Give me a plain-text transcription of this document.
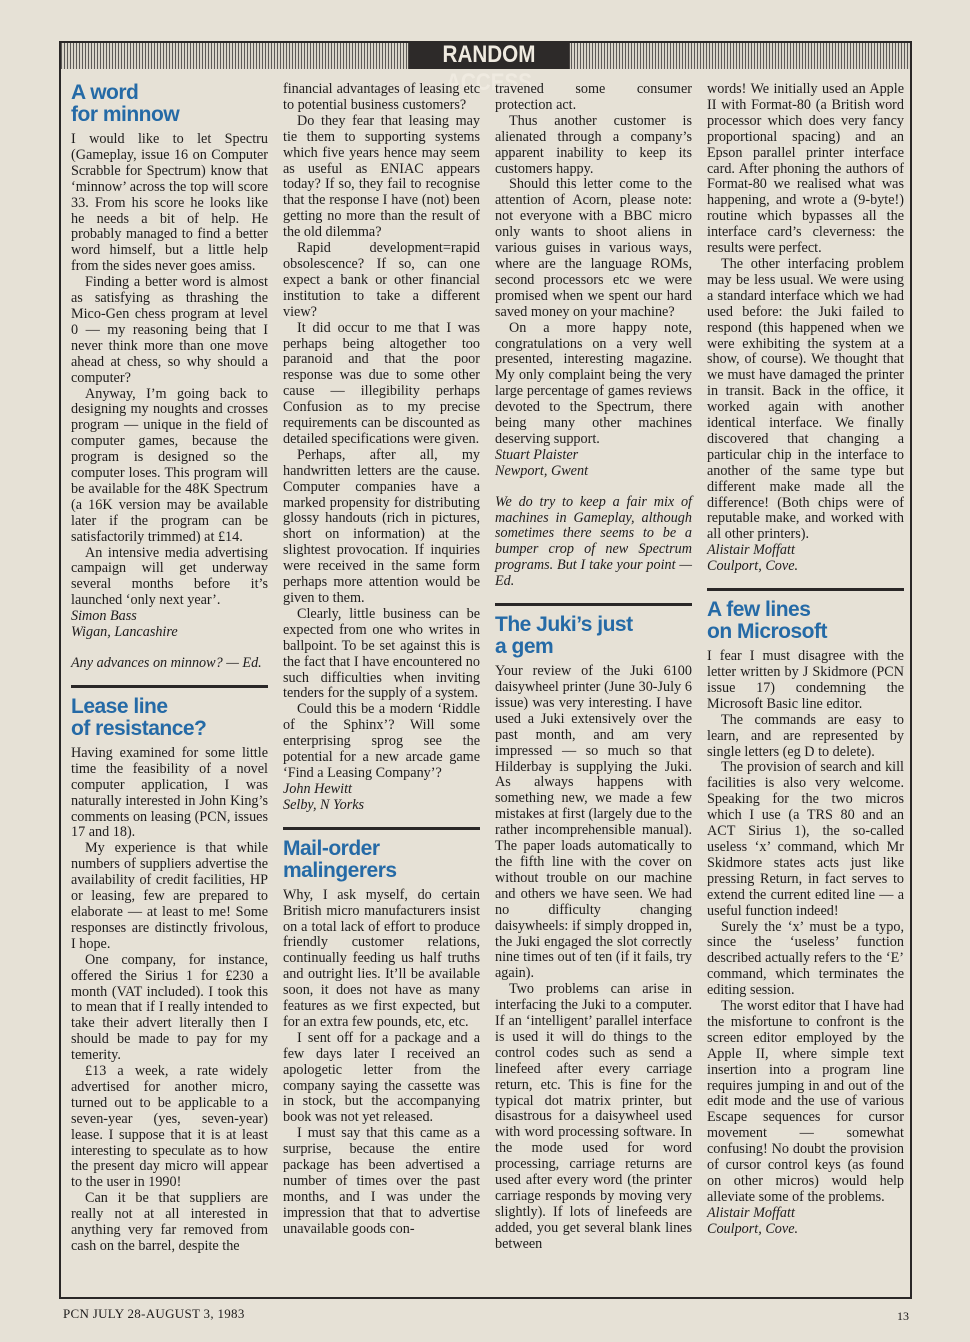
RANDOM ACCESS
A word
for minnow

I would like to let Spectru (Gameplay, issue 16 on Computer Scrabble for Spectrum) know that ‘minnow’ across the top will score 33. From his score he looks like he needs a bit of help. He probably managed to find a better word himself, but a little help from the sides never goes amiss.

Finding a better word is almost as satisfying as thrashing the Mico-Gen chess program at level 0 — my reasoning being that I never think more than one move ahead at chess, so why should a computer?

Anyway, I’m going back to designing my noughts and crosses program — unique in the field of computer games, because the program is designed so the computer loses. This program will be available for the 48K Spectrum (a 16K version may be available later if the program can be satisfactorily trimmed) at £14.

An intensive media advertising campaign will get underway several months before it’s launched ‘only next year’.

Simon Bass

Wigan, Lancashire

Any advances on minnow? — Ed.

Lease line
of resistance?

Having examined for some little time the feasibility of a novel computer application, I was naturally interested in John King’s comments on leasing (PCN, issues 17 and 18).

My experience is that while numbers of suppliers advertise the availability of credit facilities, HP or leasing, few are prepared to elaborate — at least to me! Some responses are distinctly frivolous, I hope.

One company, for instance, offered the Sirius 1 for £230 a month (VAT included). I took this to mean that if I really intended to take their advert literally then I should be made to pay for my temerity.

£13 a week, a rate widely advertised for another micro, turned out to be applicable to a seven-year (yes, seven-year) lease. I suppose that it is at least interesting to speculate as to how the present day micro will appear to the user in 1990!

Can it be that suppliers are really not at all interested in anything very far removed from cash on the barrel, despite the

financial advantages of leasing etc to potential business customers?

Do they fear that leasing may tie them to supporting systems which five years hence may seem as useful as ENIAC appears today? If so, they fail to recognise that the response I have (not) been getting no more than the result of the old dilemma?

Rapid development=rapid obsolescence? If so, can one expect a bank or other financial institution to take a different view?

It did occur to me that I was perhaps being altogether too paranoid and that the poor response was due to some other cause — illegibility perhaps Confusion as to my precise requirements can be discounted as detailed specifications were given.

Perhaps, after all, my handwritten letters are the cause. Computer companies have a marked propensity for distributing glossy handouts (rich in pictures, short on information) at the slightest provocation. If inquiries were received in the same form perhaps more attention would be given to them.

Clearly, little business can be expected from one who writes in ballpoint. To be set against this is the fact that I have encountered no such difficulties when inviting tenders for the supply of a system.

Could this be a modern ‘Riddle of the Sphinx’? Will some enterprising sprog see the potential for a new arcade game ‘Find a Leasing Company’?

John Hewitt

Selby, N Yorks

Mail-order
malingerers

Why, I ask myself, do certain British micro manufacturers insist on a total lack of effort to produce friendly customer relations, continually feeding us half truths and outright lies. It’ll be available soon, it does not have as many features as we first expected, but for an extra few pounds, etc, etc.

I sent off for a package and a few days later I received an apologetic letter from the company saying the cassette was in stock, but the accompanying book was not yet released.

I must say that this came as a surprise, because the entire package has been advertised a number of times over the past months, and I was under the impression that that to advertise unavailable goods con-

travened some consumer protection act.

Thus another customer is alienated through a company’s apparent inability to keep its customers happy.

Should this letter come to the attention of Acorn, please note: not everyone with a BBC micro only wants to shoot aliens in various guises in various ways, where are the language ROMs, second processors etc we were promised when we spent our hard saved money on your machine?

On a more happy note, congratulations on a very well presented, interesting magazine. My only complaint being the very large percentage of games reviews devoted to the Spectrum, there being many other machines deserving support.

Stuart Plaister

Newport, Gwent

We do try to keep a fair mix of machines in Gameplay, although sometimes there seems to be a bumper crop of new Spectrum programs. But I take your point — Ed.

The Juki’s just
a gem

Your review of the Juki 6100 daisywheel printer (June 30-July 6 issue) was very interesting. I have used a Juki extensively over the past month, and am very impressed — so much so that Hilderbay is supplying the Juki. As always happens with something new, we made a few mistakes at first (largely due to the rather incomprehensible manual). The paper loads automatically to the fifth line with the cover on without trouble on our machine and others we have seen. We had no difficulty changing daisywheels: if simply dropped in, the Juki engaged the slot correctly nine times out of ten (if it fails, try again).

Two problems can arise in interfacing the Juki to a computer. If an ‘intelligent’ parallel interface is used it will do things to the control codes such as send a linefeed after every carriage return, etc. This is fine for the typical dot matrix printer, but disastrous for a daisywheel used with word processing software. In the mode used for word processing, carriage returns are used after every word (the printer carriage responds by moving very slightly). If lots of linefeeds are added, you get several blank lines between

words! We initially used an Apple II with Format-80 (a British word processor which does very fancy proportional spacing) and an Epson parallel printer interface card. After phoning the authors of Format-80 we realised what was happening, and wrote a (9-byte!) routine which bypasses all the interface card’s cleverness: the results were perfect.

The other interfacing problem may be less usual. We were using a standard interface which we had used before: the Juki failed to respond (this happened when we were exhibiting the system at a show, of course). We thought that we must have damaged the printer in transit. Back in the office, it worked again with another identical interface. We finally discovered that changing a particular chip in the interface to another of the same type but different make made all the difference! (Both chips were of reputable make, and worked with all other printers).

Alistair Moffatt

Coulport, Cove.

A few lines
on Microsoft

I fear I must disagree with the letter written by J Skidmore (PCN issue 17) condemning the Microsoft Basic line editor.

The commands are easy to learn, and are represented by single letters (eg D to delete).

The provision of search and kill facilities is also very welcome. Speaking for the two micros which I use (a TRS 80 and an ACT Sirius 1), the so-called useless ‘x’ command, which Mr Skidmore states acts just like pressing Return, in fact serves to extend the current edited line — a useful function indeed!

Surely the ‘x’ must be a typo, since the ‘useless’ function described actually refers to the ‘E’ command, which terminates the editing session.

The worst editor that I have had the misfortune to confront is the screen editor employed by the Apple II, where simple text insertion into a program line requires jumping in and out of the edit mode and the use of various Escape sequences for cursor movement — somewhat confusing! No doubt the provision of cursor control keys (as found on other micros) would help alleviate some of the problems.

Alistair Moffatt

Coulport, Cove.

PCN JULY 28-AUGUST 3, 1983	13
